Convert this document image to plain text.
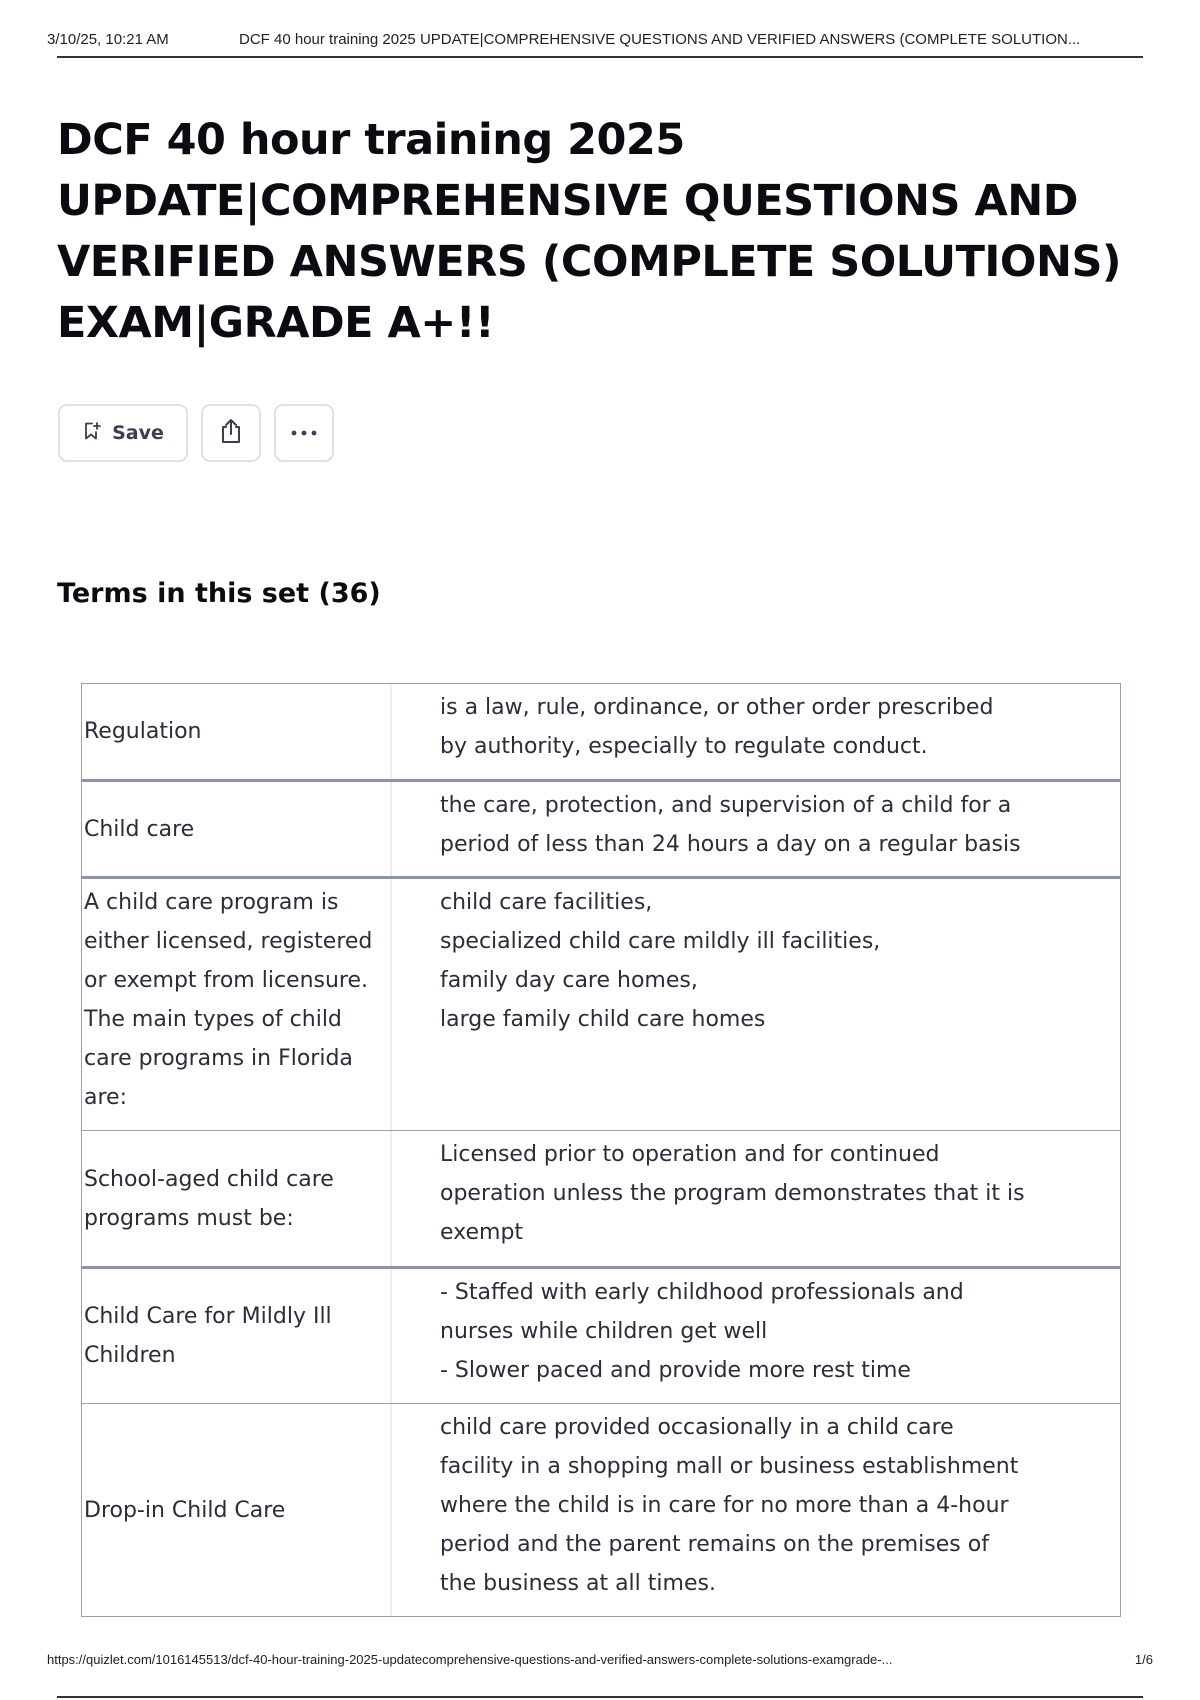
3/10/25, 10:21 AM	DCF 40 hour training 2025 UPDATE|COMPREHENSIVE QUESTIONS AND VERIFIED ANSWERS (COMPLETE SOLUTION...
DCF 40 hour training 2025 UPDATE|COMPREHENSIVE QUESTIONS AND VERIFIED ANSWERS (COMPLETE SOLUTIONS) EXAM|GRADE A+!!
Save
Terms in this set (36)
Regulation
is a law, rule, ordinance, or other order prescribed
by authority, especially to regulate conduct.
Child care
the care, protection, and supervision of a child for a
period of less than 24 hours a day on a regular basis
A child care program is either licensed, registered or exempt from licensure. The main types of child care programs in Florida are:
child care facilities,
specialized child care mildly ill facilities,
family day care homes,
large family child care homes
School-aged child care programs must be:
Licensed prior to operation and for continued
operation unless the program demonstrates that it is
exempt
Child Care for Mildly Ill Children
- Staffed with early childhood professionals and
nurses while children get well
- Slower paced and provide more rest time
Drop-in Child Care
child care provided occasionally in a child care
facility in a shopping mall or business establishment
where the child is in care for no more than a 4-hour
period and the parent remains on the premises of
the business at all times.
https://quizlet.com/1016145513/dcf-40-hour-training-2025-updatecomprehensive-questions-and-verified-answers-complete-solutions-examgrade-...	1/6
